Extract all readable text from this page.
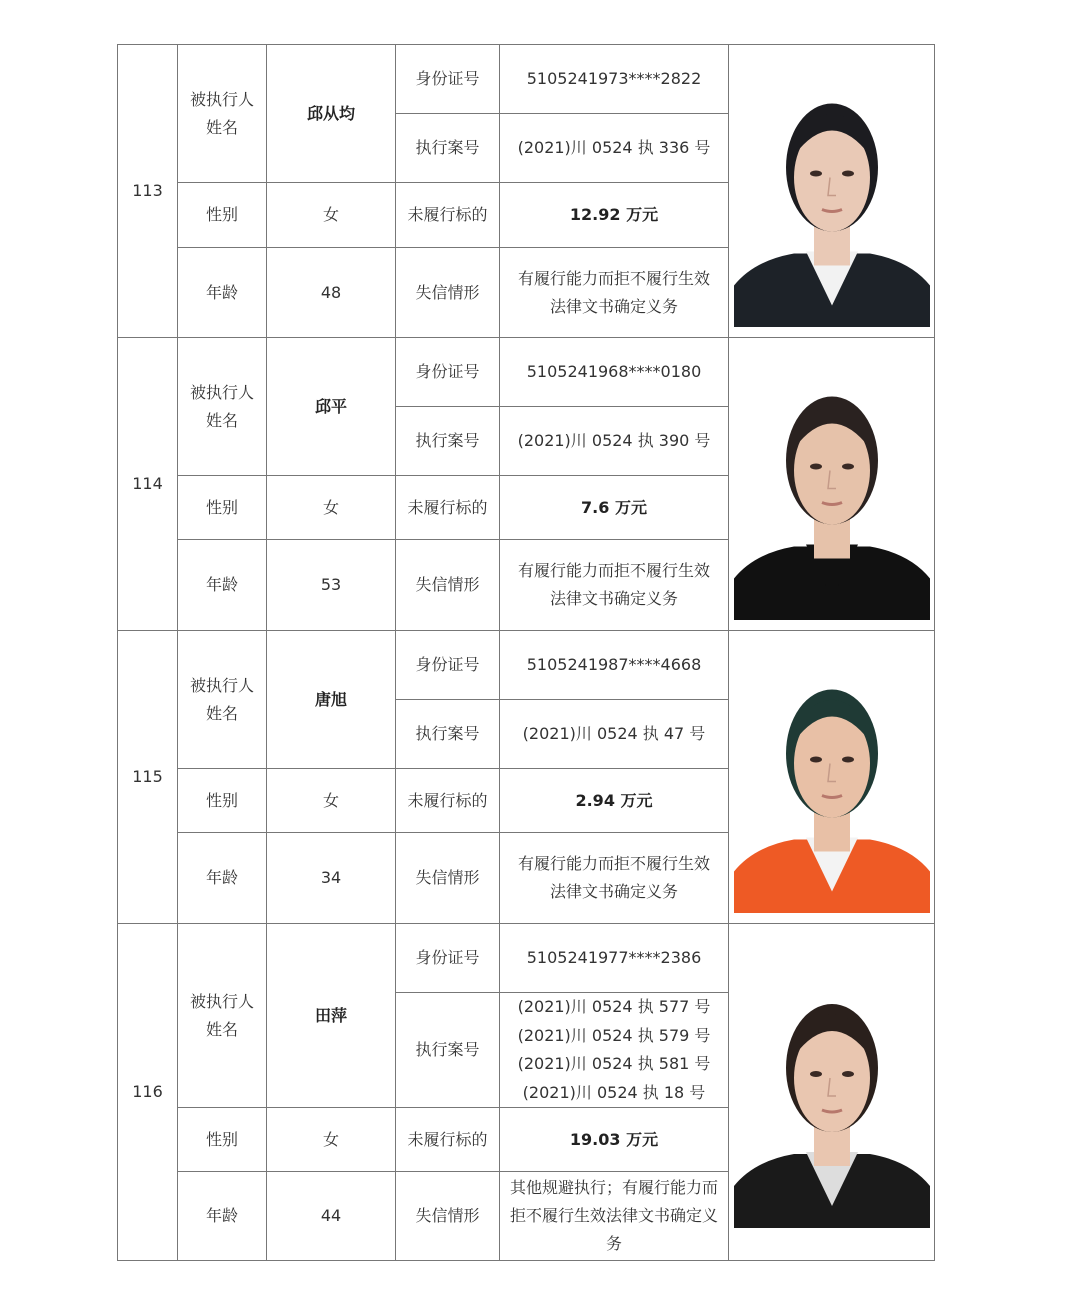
113	被执行人姓名	邱从均	身份证号	5105241973****2822	

			执行案号	(2021)川 0524 执 336 号	

	性别	女	未履行标的	12.92 万元	
	年龄	48	失信情形	有履行能力而拒不履行生效法律文书确定义务	

114	被执行人姓名	邱平	身份证号	5105241968****0180	

			执行案号	(2021)川 0524 执 390 号	

	性别	女	未履行标的	7.6 万元	
	年龄	53	失信情形	有履行能力而拒不履行生效法律文书确定义务	

115	被执行人姓名	唐旭	身份证号	5105241987****4668	

			执行案号	(2021)川 0524 执 47 号	

	性别	女	未履行标的	2.94 万元	
	年龄	34	失信情形	有履行能力而拒不履行生效法律文书确定义务	

116	被执行人姓名	田萍	身份证号	5105241977****2386	

			执行案号	(2021)川 0524 执 577 号
(2021)川 0524 执 579 号
(2021)川 0524 执 581 号
(2021)川 0524 执 18 号	

	性别	女	未履行标的	19.03 万元	
	年龄	44	失信情形	其他规避执行；有履行能力而拒不履行生效法律文书确定义务	
